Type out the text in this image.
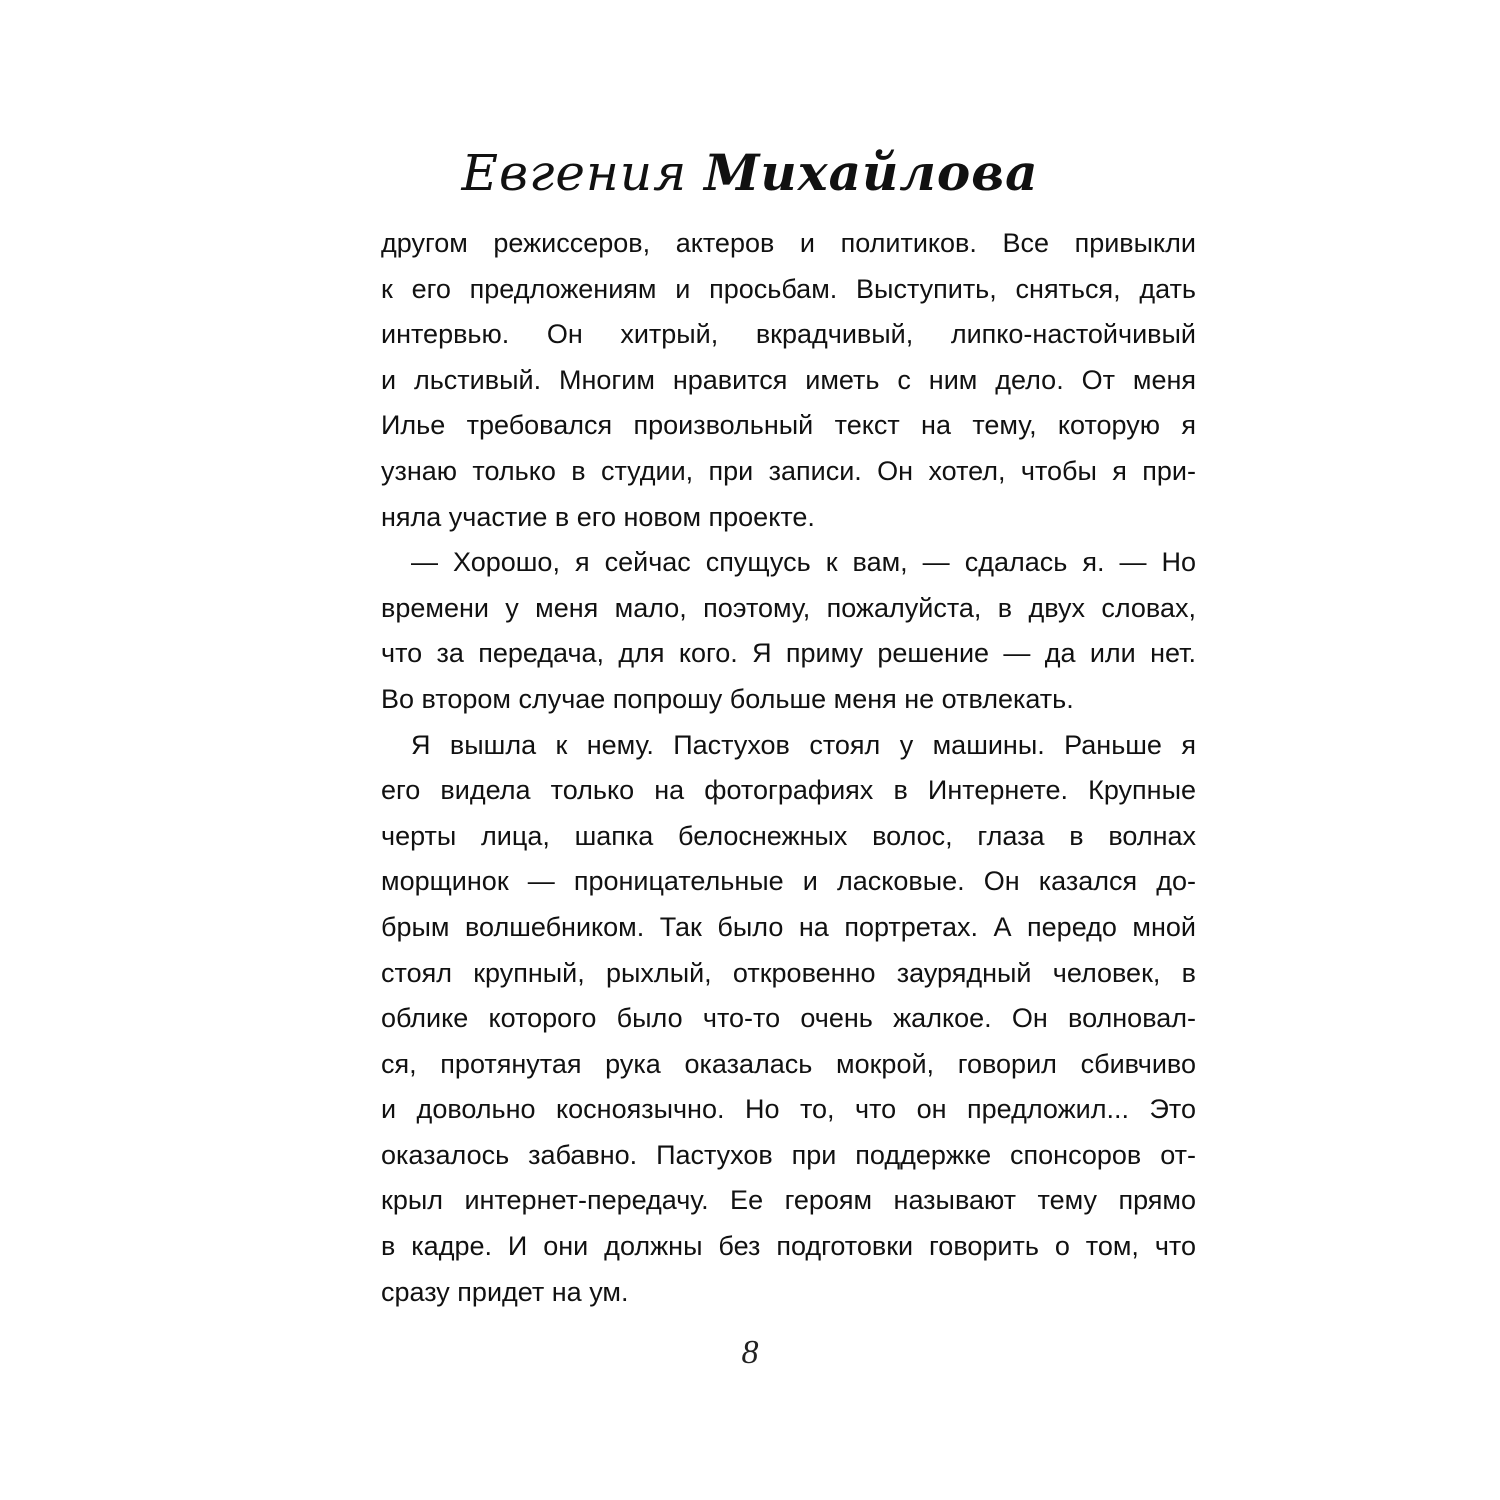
Евгения Михайлова
другом режиссеров, актеров и политиков. Все привыкли
к его предложениям и просьбам. Выступить, сняться, дать
интервью. Он хитрый, вкрадчивый, липко-настойчивый
и льстивый. Многим нравится иметь с ним дело. От меня
Илье требовался произвольный текст на тему, которую я
узнаю только в студии, при записи. Он хотел, чтобы я при-
няла участие в его новом проекте.
— Хорошо, я сейчас спущусь к вам, — сдалась я. — Но
времени у меня мало, поэтому, пожалуйста, в двух словах,
что за передача, для кого. Я приму решение — да или нет.
Во втором случае попрошу больше меня не отвлекать.
Я вышла к нему. Пастухов стоял у машины. Раньше я
его видела только на фотографиях в Интернете. Крупные
черты лица, шапка белоснежных волос, глаза в волнах
морщинок — проницательные и ласковые. Он казался до-
брым волшебником. Так было на портретах. А передо мной
стоял крупный, рыхлый, откровенно заурядный человек, в
облике которого было что-то очень жалкое. Он волновал-
ся, протянутая рука оказалась мокрой, говорил сбивчиво
и довольно косноязычно. Но то, что он предложил... Это
оказалось забавно. Пастухов при поддержке спонсоров от-
крыл интернет-передачу. Ее героям называют тему прямо
в кадре. И они должны без подготовки говорить о том, что
сразу придет на ум.
8
